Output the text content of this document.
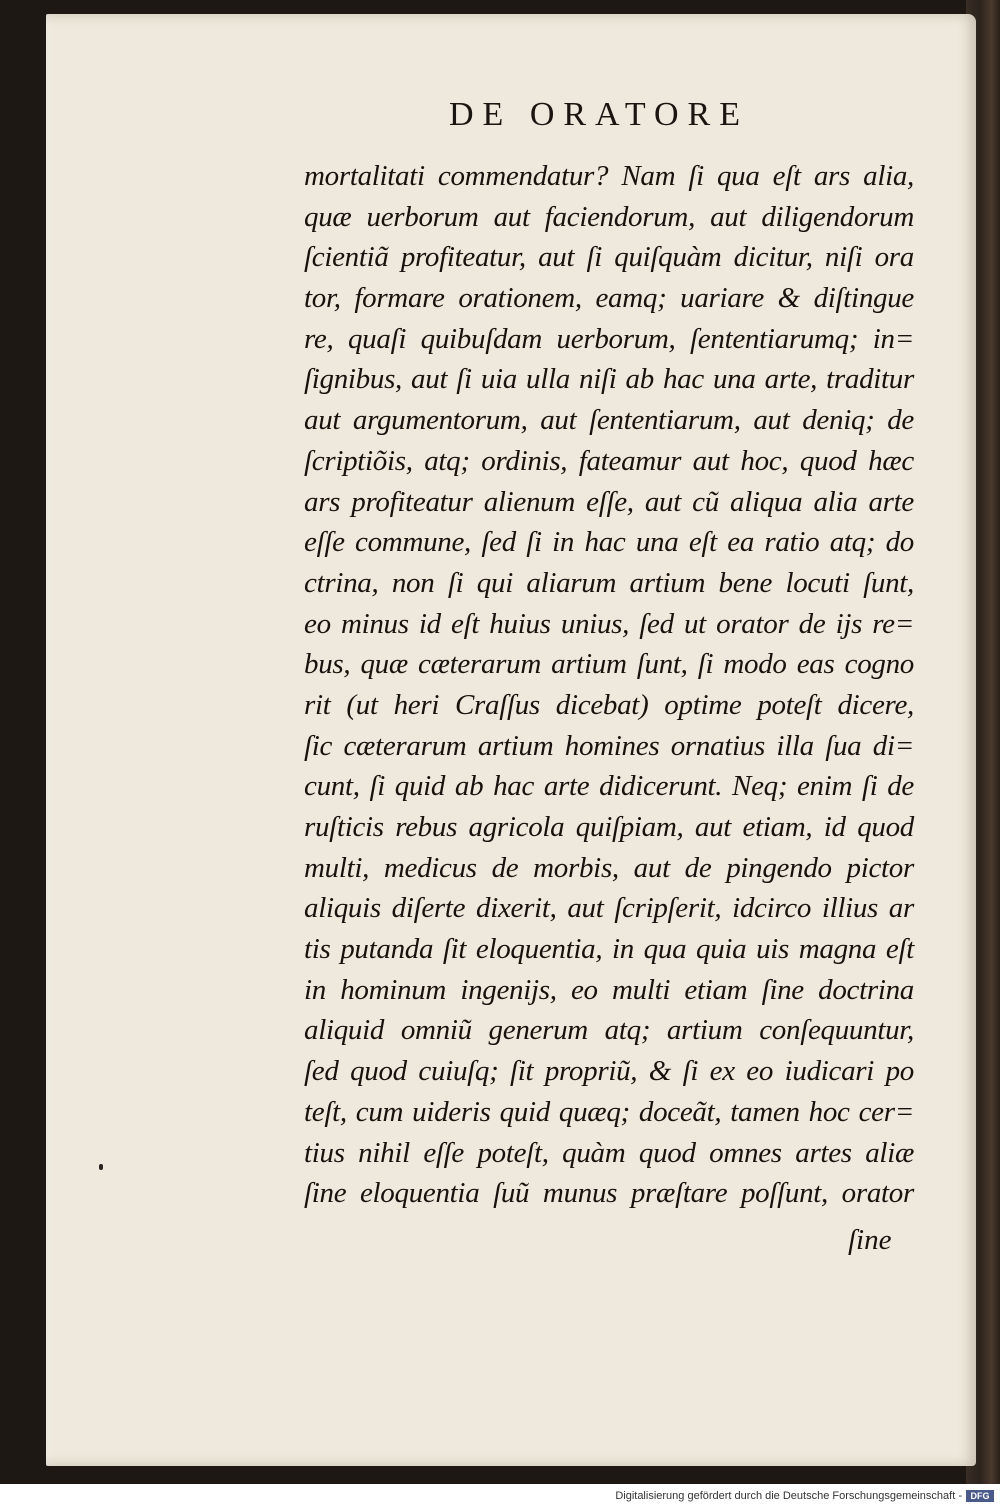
DE ORATORE
mortalitati commendatur? Nam ſi qua eſt ars alia,
quæ uerborum aut faciendorum, aut diligendorum
ſcientiã profiteatur, aut ſi quiſquàm dicitur, niſi ora
tor, formare orationem, eamq; uariare & diſtingue
re, quaſi quibuſdam uerborum, ſententiarumq; in=
ſignibus, aut ſi uia ulla niſi ab hac una arte, traditur
aut argumentorum, aut ſententiarum, aut deniq; de
ſcriptiõis, atq; ordinis, fateamur aut hoc, quod hæc
ars profiteatur alienum eſſe, aut cũ aliqua alia arte
eſſe commune, ſed ſi in hac una eſt ea ratio atq; do
ctrina, non ſi qui aliarum artium bene locuti ſunt,
eo minus id eſt huius unius, ſed ut orator de ijs re=
bus, quæ cæterarum artium ſunt, ſi modo eas cogno
rit (ut heri Craſſus dicebat) optime poteſt dicere,
ſic cæterarum artium homines ornatius illa ſua di=
cunt, ſi quid ab hac arte didicerunt. Neq; enim ſi de
ruſticis rebus agricola quiſpiam, aut etiam, id quod
multi, medicus de morbis, aut de pingendo pictor
aliquis diſerte dixerit, aut ſcripſerit, idcirco illius ar
tis putanda ſit eloquentia, in qua quia uis magna eſt
in hominum ingenijs, eo multi etiam ſine doctrina
aliquid omniũ generum atq; artium conſequuntur,
ſed quod cuiuſq; ſit propriũ, & ſi ex eo iudicari po
teſt, cum uideris quid quæq; doceãt, tamen hoc cer=
tius nihil eſſe poteſt, quàm quod omnes artes aliæ
ſine eloquentia ſuũ munus præſtare poſſunt, orator
ſine
Digitalisierung gefördert durch die Deutsche Forschungsgemeinschaft - DFG
